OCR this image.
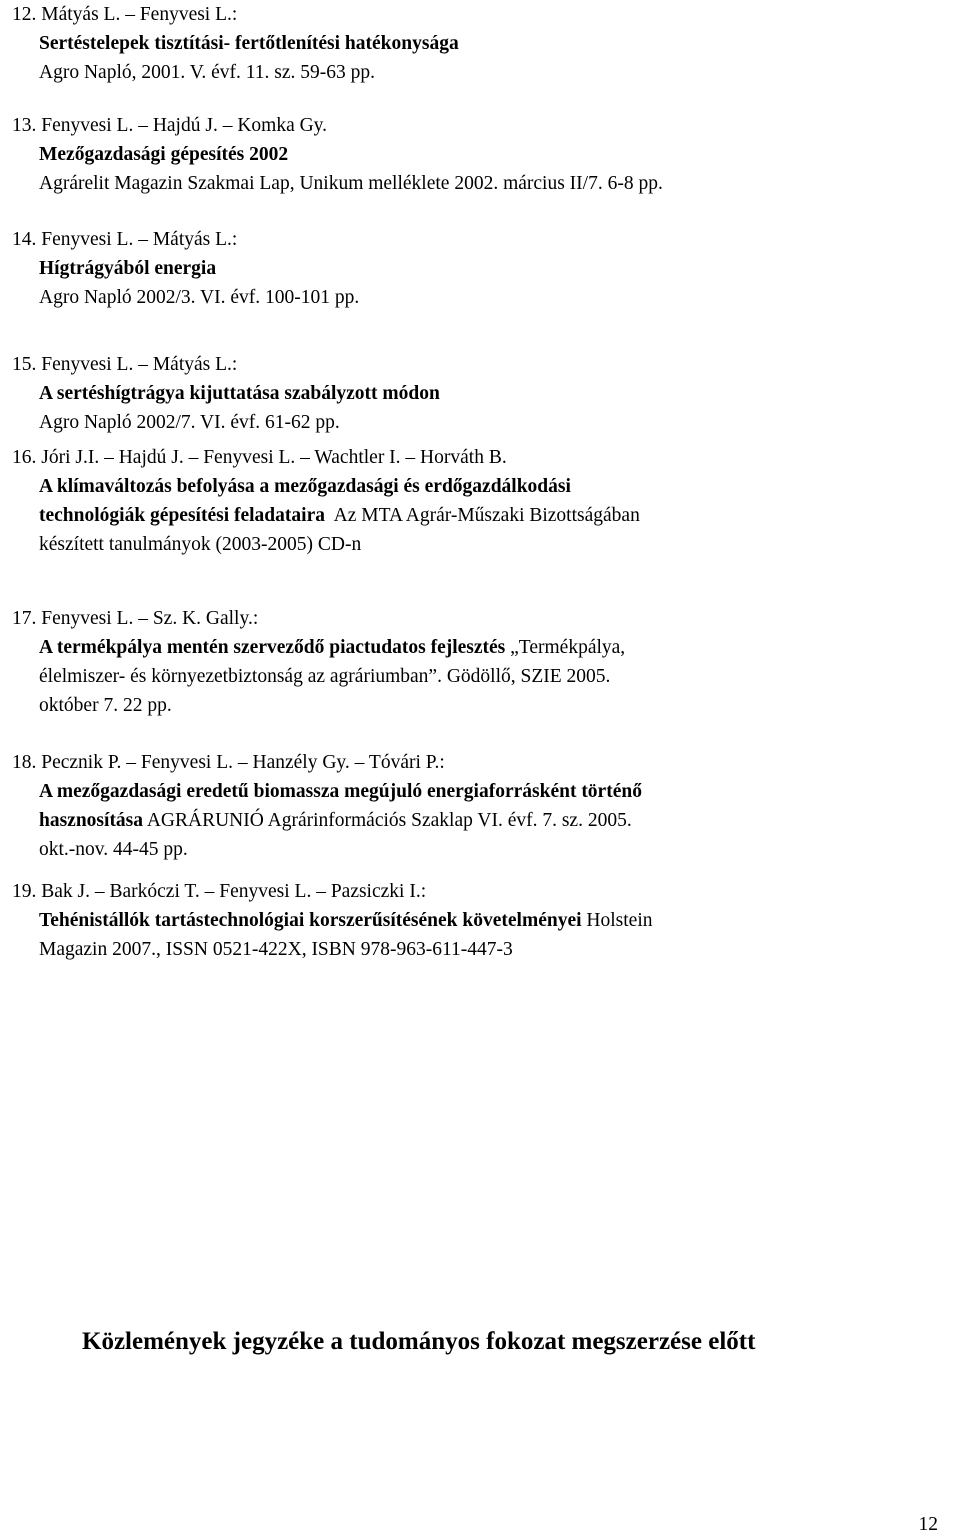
12. Mátyás L. – Fenyvesi L.:
Sertéstelepek tisztítási- fertőtlenítési hatékonysága
Agro Napló, 2001. V. évf. 11. sz. 59-63 pp.
13. Fenyvesi L. – Hajdú J. – Komka Gy.
Mezőgazdasági gépesítés 2002
Agrárelit Magazin Szakmai Lap, Unikum melléklete 2002. március II/7. 6-8 pp.
14. Fenyvesi L. – Mátyás L.:
Hígtrágyából energia
Agro Napló 2002/3. VI. évf. 100-101 pp.
15. Fenyvesi L. – Mátyás L.:
A sertéshígtrágya kijuttatása szabályzott módon
Agro Napló 2002/7. VI. évf. 61-62 pp.
16. Jóri J.I. – Hajdú J. – Fenyvesi L. – Wachtler I. – Horváth B.
A klímaváltozás befolyása a mezőgazdasági és erdőgazdálkodási
technológiák gépesítési feladataira  Az MTA Agrár-Műszaki Bizottságában
készített tanulmányok (2003-2005) CD-n
17. Fenyvesi L. – Sz. K. Gally.:
A termékpálya mentén szerveződő piactudatos fejlesztés „Termékpálya,
élelmiszer- és környezetbiztonság az agráriumban”. Gödöllő, SZIE 2005.
október 7. 22 pp.
18. Pecznik P. – Fenyvesi L. – Hanzély Gy. – Tóvári P.:
A mezőgazdasági eredetű biomassza megújuló energiaforrásként történő
hasznosítása AGRÁRUNIÓ Agrárinformációs Szaklap VI. évf. 7. sz. 2005.
okt.-nov. 44-45 pp.
19. Bak J. – Barkóczi T. – Fenyvesi L. – Pazsiczki I.:
Tehénistállók tartástechnológiai korszerűsítésének követelményei Holstein
Magazin 2007., ISSN 0521-422X, ISBN 978-963-611-447-3
Közlemények jegyzéke a tudományos fokozat megszerzése előtt
12
